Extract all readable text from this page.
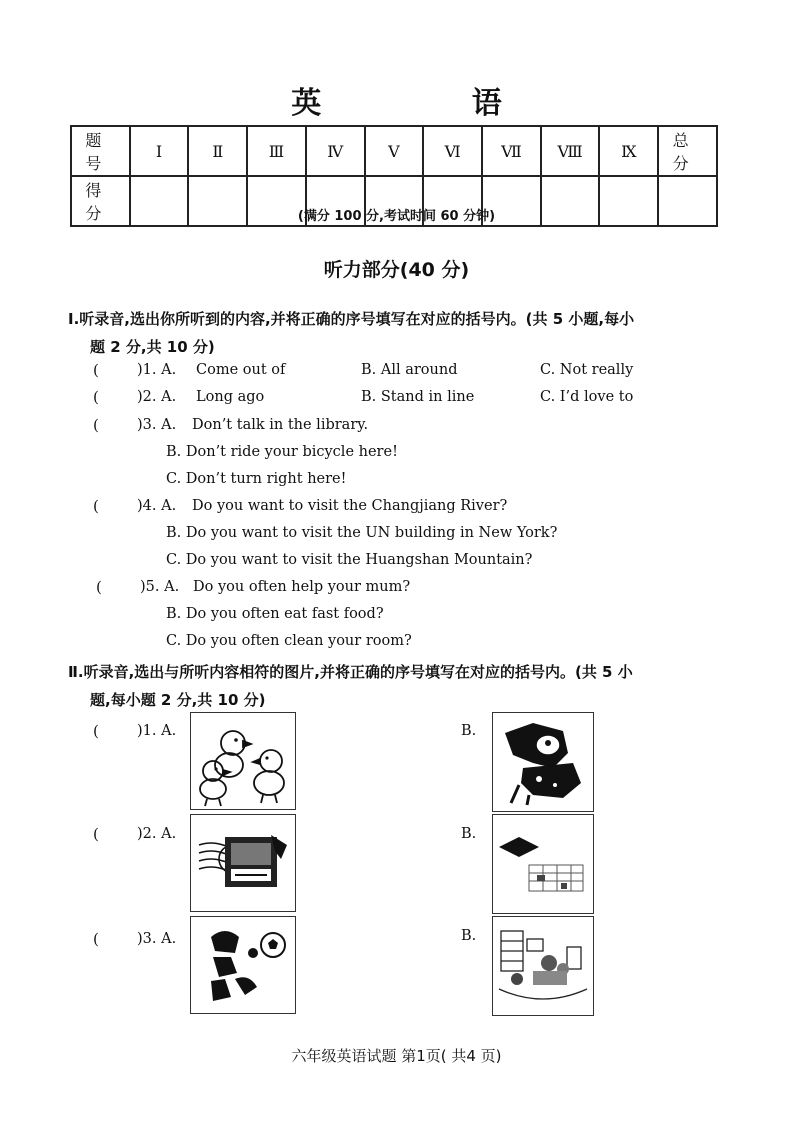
英 语
题 号	Ⅰ	Ⅱ	Ⅲ	Ⅳ	Ⅴ	Ⅵ	Ⅶ	Ⅷ	Ⅸ	总 分
得 分											(满分 100 分,考试时间 60 分钟)
听力部分(40 分)
Ⅰ.听录音,选出你所听到的内容,并将正确的序号填写在对应的括号内。(共 5 小题,每小
题 2 分,共 10 分)
(	)1. A. Come out of	B. All around	C. Not really
(	)2. A. Long ago	B. Stand in line	C. I’d love to
(	)3. A. Don’t talk in the library.
B. Don’t ride your bicycle here!
C. Don’t turn right here!
(	)4. A. Do you want to visit the Changjiang River?
B. Do you want to visit the UN building in New York?
C. Do you want to visit the Huangshan Mountain?
(	)5. A. Do you often help your mum?
B. Do you often eat fast food?
C. Do you often clean your room?
Ⅱ.听录音,选出与所听内容相符的图片,并将正确的序号填写在对应的括号内。(共 5 小
题,每小题 2 分,共 10 分)
(	)1. A.	B.
(	)2. A.	B.
(	)3. A.	B.
六年级英语试题 第1页( 共4 页)
